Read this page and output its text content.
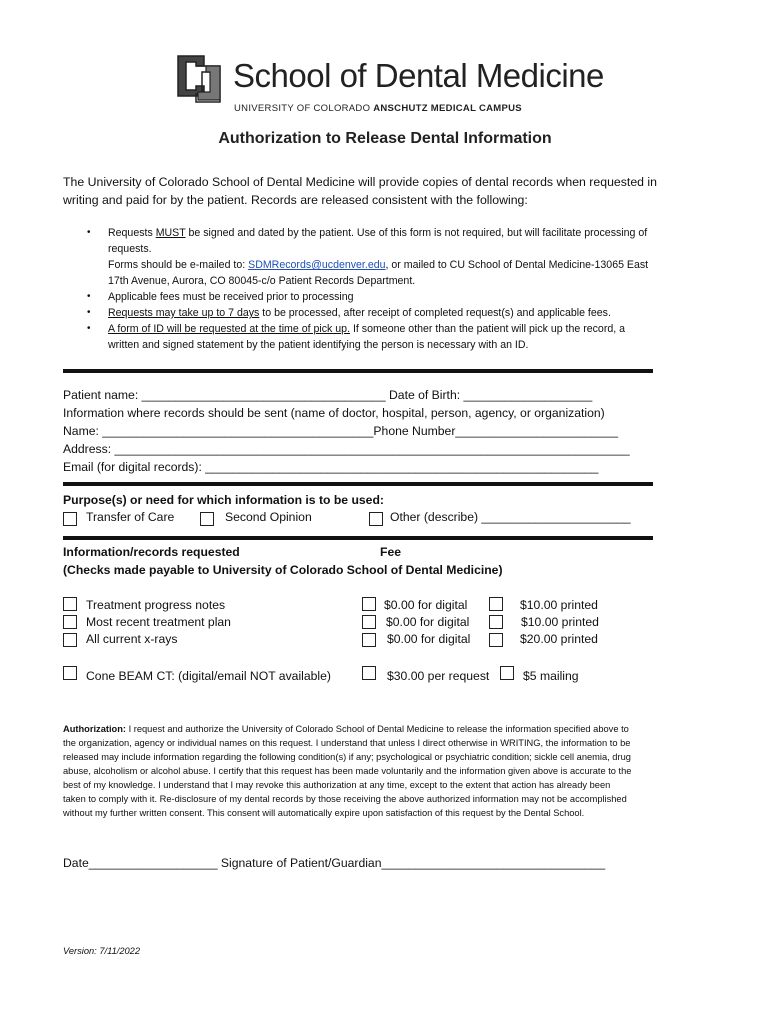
School of Dental Medicine
UNIVERSITY OF COLORADO ANSCHUTZ MEDICAL CAMPUS
Authorization to Release Dental Information
The University of Colorado School of Dental Medicine will provide copies of dental records when requested in
writing and paid for by the patient. Records are released consistent with the following:
• Requests MUST be signed and dated by the patient. Use of this form is not required, but will facilitate processing of
requests.
Forms should be e-mailed to: SDMRecords@ucdenver.edu, or mailed to CU School of Dental Medicine-13065 East
17th Avenue, Aurora, CO 80045-c/o Patient Records Department.
• Applicable fees must be received prior to processing
• Requests may take up to 7 days to be processed, after receipt of completed request(s) and applicable fees.
• A form of ID will be requested at the time of pick up. If someone other than the patient will pick up the record, a
written and signed statement by the patient identifying the person is necessary with an ID.
Patient name: ____________________________________ Date of Birth: ___________________
Information where records should be sent (name of doctor, hospital, person, agency, or organization)
Name: ________________________________________Phone Number________________________
Address: ____________________________________________________________________________
Email (for digital records): __________________________________________________________
Purpose(s) or need for which information is to be used:
Transfer of Care	Second Opinion	Other (describe) ______________________
Information/records requested	Fee
(Checks made payable to University of Colorado School of Dental Medicine)
Treatment progress notes	$0.00 for digital	$10.00 printed
Most recent treatment plan	$0.00 for digital	$10.00 printed
All current x-rays	$0.00 for digital	$20.00 printed
Cone BEAM CT: (digital/email NOT available)	$30.00 per request	$5 mailing
Authorization: I request and authorize the University of Colorado School of Dental Medicine to release the information specified above to
the organization, agency or individual names on this request. I understand that unless I direct otherwise in WRITING, the information to be
released may include information regarding the following condition(s) if any; psychological or psychiatric condition; sickle cell anemia, drug
abuse, alcoholism or alcohol abuse. I certify that this request has been made voluntarily and the information given above is accurate to the
best of my knowledge. I understand that I may revoke this authorization at any time, except to the extent that action has already been
taken to comply with it. Re-disclosure of my dental records by those receiving the above authorized information may not be accomplished
without my further written consent. This consent will automatically expire upon satisfaction of this request by the Dental School.
Date___________________ Signature of Patient/Guardian_________________________________
Version: 7/11/2022
